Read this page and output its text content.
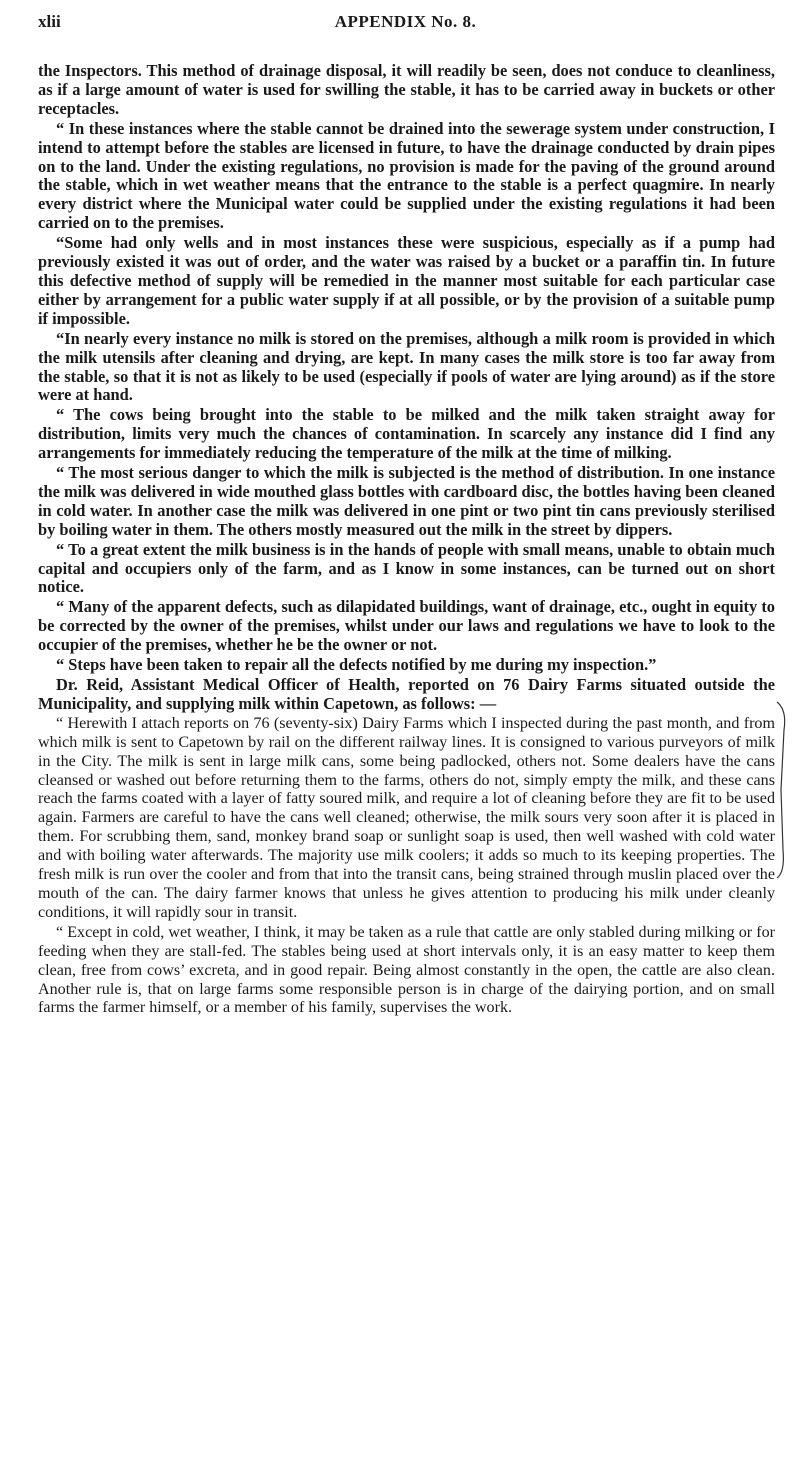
xlii	APPENDIX No. 8.

the Inspectors. This method of drainage disposal, it will readily be seen, does not conduce to cleanliness, as if a large amount of water is used for swilling the stable, it has to be carried away in buckets or other receptacles.

“ In these instances where the stable cannot be drained into the sewerage system under construction, I intend to attempt before the stables are licensed in future, to have the drainage conducted by drain pipes on to the land. Under the existing regulations, no provision is made for the paving of the ground around the stable, which in wet weather means that the entrance to the stable is a perfect quagmire. In nearly every district where the Municipal water could be supplied under the existing regulations it had been carried on to the premises.

“Some had only wells and in most instances these were suspicious, especially as if a pump had previously existed it was out of order, and the water was raised by a bucket or a paraffin tin. In future this defective method of supply will be remedied in the manner most suitable for each particular case either by arrangement for a public water supply if at all possible, or by the provision of a suitable pump if impossible.

“In nearly every instance no milk is stored on the premises, although a milk room is provided in which the milk utensils after cleaning and drying, are kept. In many cases the milk store is too far away from the stable, so that it is not as likely to be used (especially if pools of water are lying around) as if the store were at hand.

“ The cows being brought into the stable to be milked and the milk taken straight away for distribution, limits very much the chances of contamination. In scarcely any instance did I find any arrangements for immediately reducing the temperature of the milk at the time of milking.

“ The most serious danger to which the milk is subjected is the method of distribution. In one instance the milk was delivered in wide mouthed glass bottles with cardboard disc, the bottles having been cleaned in cold water. In another case the milk was delivered in one pint or two pint tin cans previously sterilised by boiling water in them. The others mostly measured out the milk in the street by dippers.

“ To a great extent the milk business is in the hands of people with small means, unable to obtain much capital and occupiers only of the farm, and as I know in some instances, can be turned out on short notice.

“ Many of the apparent defects, such as dilapidated buildings, want of drainage, etc., ought in equity to be corrected by the owner of the premises, whilst under our laws and regulations we have to look to the occupier of the premises, whether he be the owner or not.

“ Steps have been taken to repair all the defects notified by me during my inspection.”

Dr. Reid, Assistant Medical Officer of Health, reported on 76 Dairy Farms situated outside the Municipality, and supplying milk within Capetown, as follows: —

“ Herewith I attach reports on 76 (seventy-six) Dairy Farms which I inspected during the past month, and from which milk is sent to Capetown by rail on the different railway lines. It is consigned to various purveyors of milk in the City. The milk is sent in large milk cans, some being padlocked, others not. Some dealers have the cans cleansed or washed out before returning them to the farms, others do not, simply empty the milk, and these cans reach the farms coated with a layer of fatty soured milk, and require a lot of cleaning before they are fit to be used again. Farmers are careful to have the cans well cleaned; otherwise, the milk sours very soon after it is placed in them. For scrubbing them, sand, monkey brand soap or sunlight soap is used, then well washed with cold water and with boiling water afterwards. The majority use milk coolers; it adds so much to its keeping properties. The fresh milk is run over the cooler and from that into the transit cans, being strained through muslin placed over the mouth of the can. The dairy farmer knows that unless he gives attention to producing his milk under cleanly conditions, it will rapidly sour in transit.

“ Except in cold, wet weather, I think, it may be taken as a rule that cattle are only stabled during milking or for feeding when they are stall-fed. The stables being used at short intervals only, it is an easy matter to keep them clean, free from cows’ excreta, and in good repair. Being almost constantly in the open, the cattle are also clean. Another rule is, that on large farms some responsible person is in charge of the dairying portion, and on small farms the farmer himself, or a member of his family, supervises the work.
